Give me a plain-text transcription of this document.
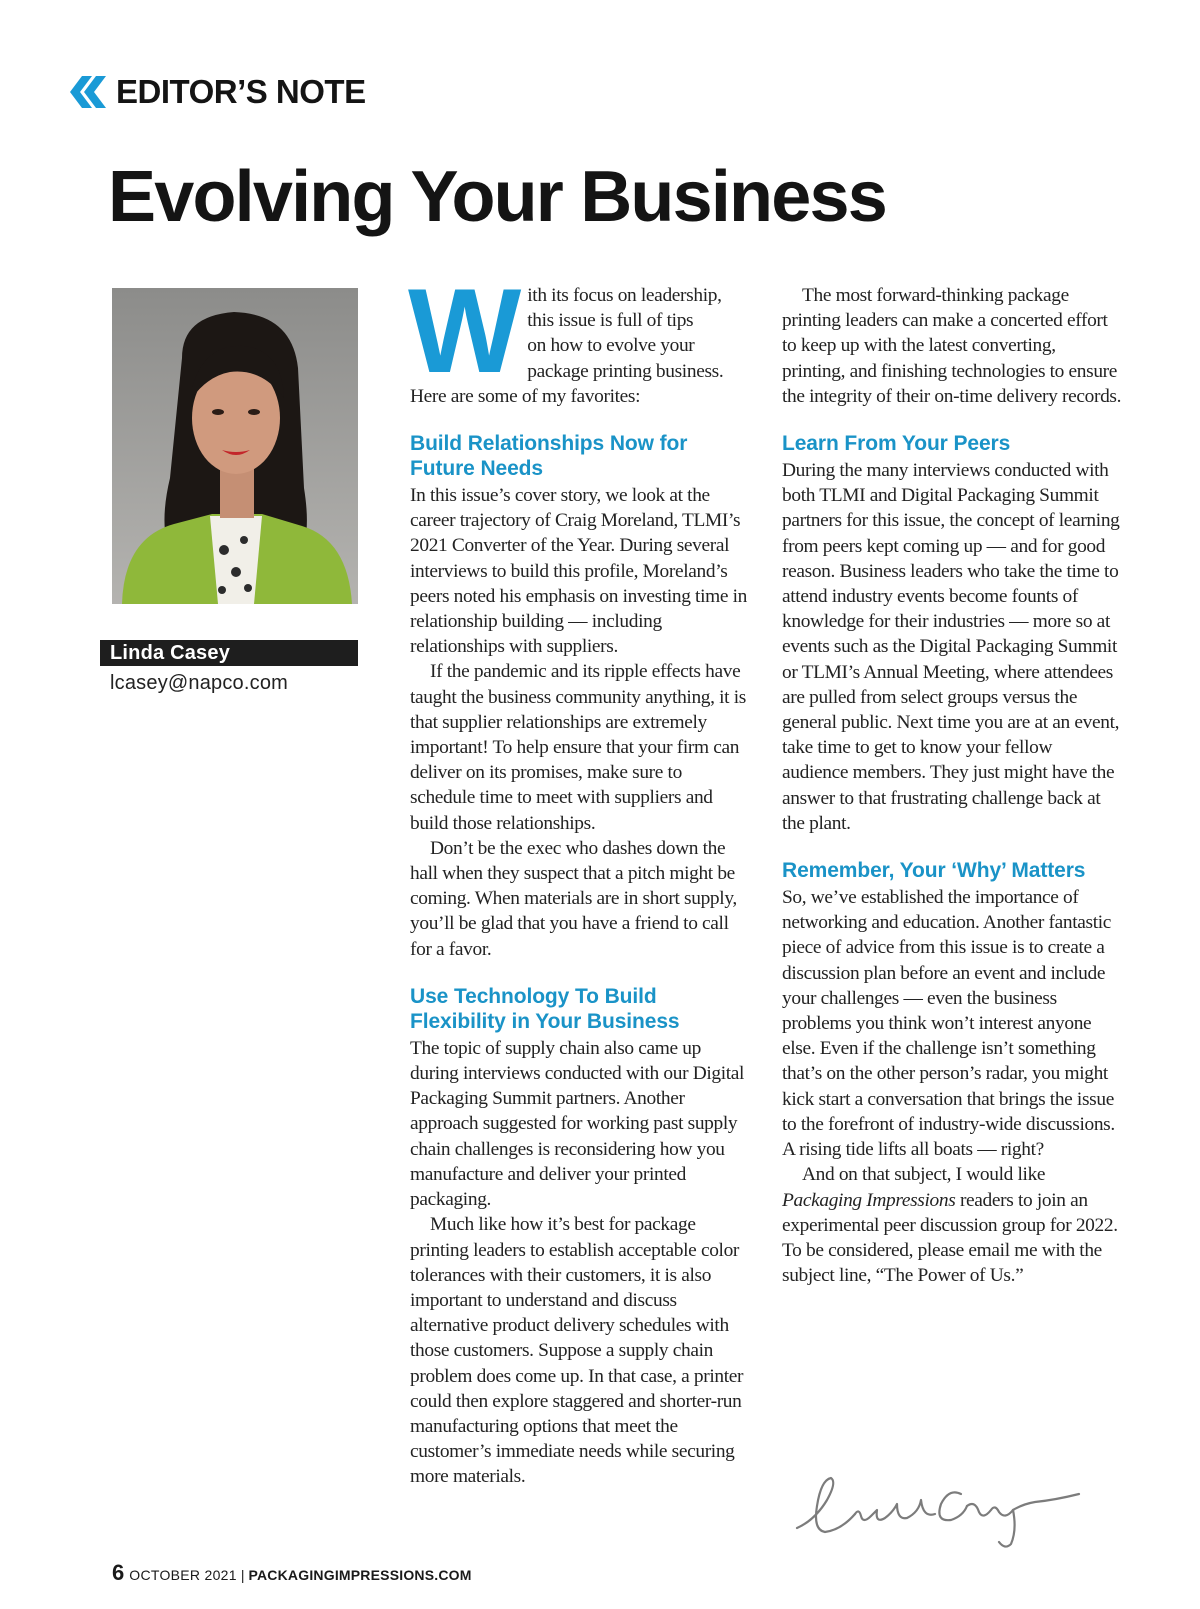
EDITOR’S NOTE
Evolving Your Business
Linda Casey
lcasey@napco.com
W ith its focus on leadership,
this issue is full of tips
on how to evolve your
package printing business.
Here are some of my favorites:
Build Relationships Now for Future Needs

In this issue’s cover story, we look at the career trajectory of Craig Moreland, TLMI’s 2021 Converter of the Year. During several interviews to build this profile, Moreland’s peers noted his emphasis on investing time in relationship building — including relationships with suppliers.

If the pandemic and its ripple effects have taught the business community anything, it is that supplier relationships are extremely important! To help ensure that your firm can deliver on its promises, make sure to schedule time to meet with suppliers and build those relationships.

Don’t be the exec who dashes down the hall when they suspect that a pitch might be coming. When materials are in short supply, you’ll be glad that you have a friend to call for a favor.

Use Technology To Build Flexibility in Your Business

The topic of supply chain also came up during interviews conducted with our Digital Packaging Summit partners. Another approach suggested for working past supply chain challenges is reconsidering how you manufacture and deliver your printed packaging.

Much like how it’s best for package printing leaders to establish acceptable color tolerances with their customers, it is also important to understand and discuss alternative product delivery schedules with those customers. Suppose a supply chain problem does come up. In that case, a printer could then explore staggered and shorter-run manufacturing options that meet the customer’s immediate needs while securing more materials.

The most forward-thinking package printing leaders can make a concerted effort to keep up with the latest converting, printing, and finishing technologies to ensure the integrity of their on-time delivery records.

Learn From Your Peers

During the many interviews conducted with both TLMI and Digital Packaging Summit partners for this issue, the concept of learning from peers kept coming up — and for good reason. Business leaders who take the time to attend industry events become founts of knowledge for their industries — more so at events such as the Digital Packaging Summit or TLMI’s Annual Meeting, where attendees are pulled from select groups versus the general public. Next time you are at an event, take time to get to know your fellow audience members. They just might have the answer to that frustrating challenge back at the plant.

Remember, Your ‘Why’ Matters

So, we’ve established the importance of networking and education. Another fantastic piece of advice from this issue is to create a discussion plan before an event and include your challenges — even the business problems you think won’t interest anyone else. Even if the challenge isn’t something that’s on the other person’s radar, you might kick start a conversation that brings the issue to the forefront of industry-wide discussions. A rising tide lifts all boats — right?

And on that subject, I would like Packaging Impressions readers to join an experimental peer discussion group for 2022. To be considered, please email me with the subject line, “The Power of Us.”

6 OCTOBER 2021 | PACKAGINGIMPRESSIONS.COM
